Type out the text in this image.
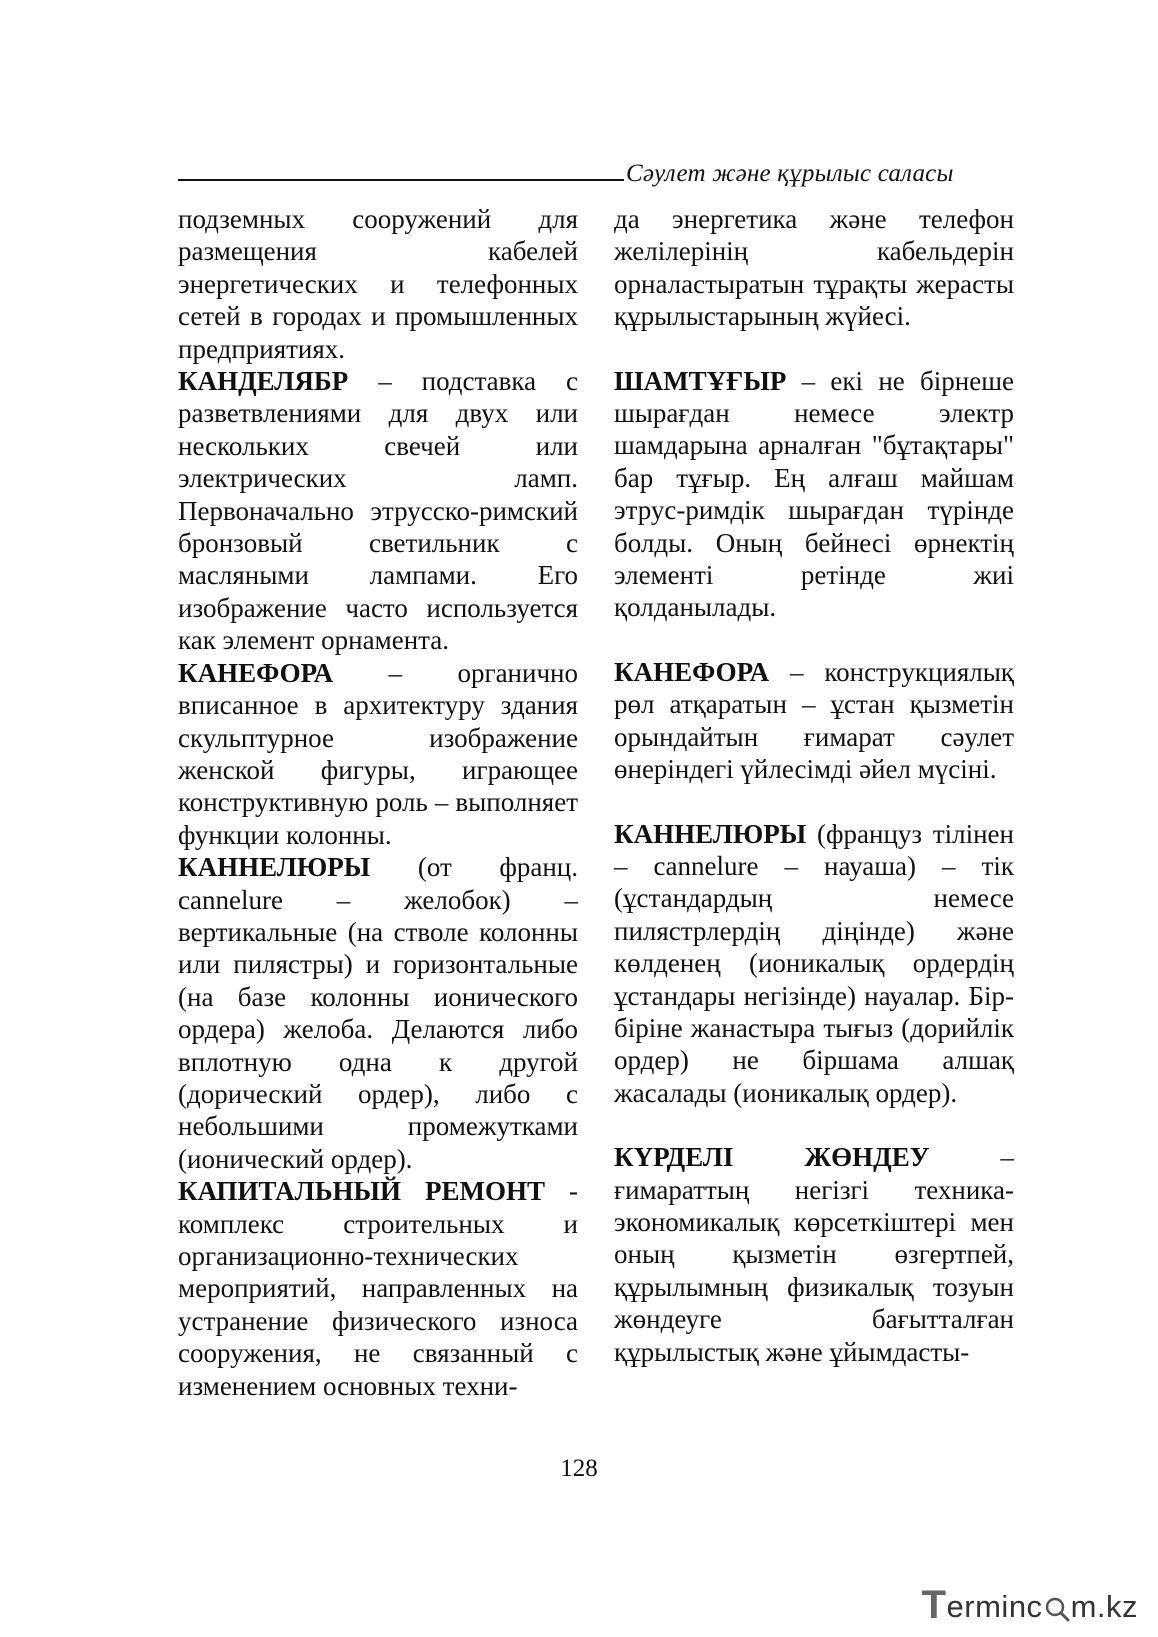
Сәулет және құрылыс саласы

подземных сооружений для размещения кабелей энергетических и телефонных сетей в городах и промышленных предприятиях.

КАНДЕЛЯБР – подставка с разветвлениями для двух или нескольких свечей или электрических ламп. Первоначально этрусско-римский бронзовый светильник с масляными лампами. Его изображение часто используется как элемент орнамента.

КАНЕФОРА – органично вписанное в архитектуру здания скульптурное изображение женской фигуры, играющее конструктивную роль – выполняет функции колонны.

КАННЕЛЮРЫ (от франц. cannelure – желобок) – вертикальные (на стволе колонны или пилястры) и горизонтальные (на базе колонны ионического ордера) желоба. Делаются либо вплотную одна к другой (дорический ордер), либо с небольшими промежутками (ионический ордер).

КАПИТАЛЬНЫЙ РЕМОНТ - комплекс строительных и организационно-технических мероприятий, направленных на устранение физического износа сооружения, не связанный с изменением основных техни-

да энергетика және телефон желілерінің кабельдерін орналастыратын тұрақты жерасты құрылыстарының жүйесі.

ШАМТҰҒЫР – екі не бірнеше шырағдан немесе электр шамдарына арналған "бұтақтары" бар тұғыр. Ең алғаш майшам этрус-римдік шырағдан түрінде болды. Оның бейнесі өрнектің элементі ретінде жиі қолданылады.

КАНЕФОРА – конструкциялық рөл атқаратын – ұстан қызметін орындайтын ғимарат сәулет өнеріндегі үйлесімді әйел мүсіні.

КАННЕЛЮРЫ (француз тілінен – cannelure – науаша) – тік (ұстандардың немесе пилястрлердің діңінде) және көлденең (ионикалық ордердің ұстандары негізінде) науалар. Бір-біріне жанастыра тығыз (дорийлік ордер) не біршама алшақ жасалады (ионикалық ордер).

КҮРДЕЛІ ЖӨНДЕУ – ғимараттың негізгі техника-экономикалық көрсеткіштері мен оның қызметін өзгертпей, құрылымның физикалық тозуын жөндеуге бағытталған құрылыстық және ұйымдасты-

128
T erminc m.kz
